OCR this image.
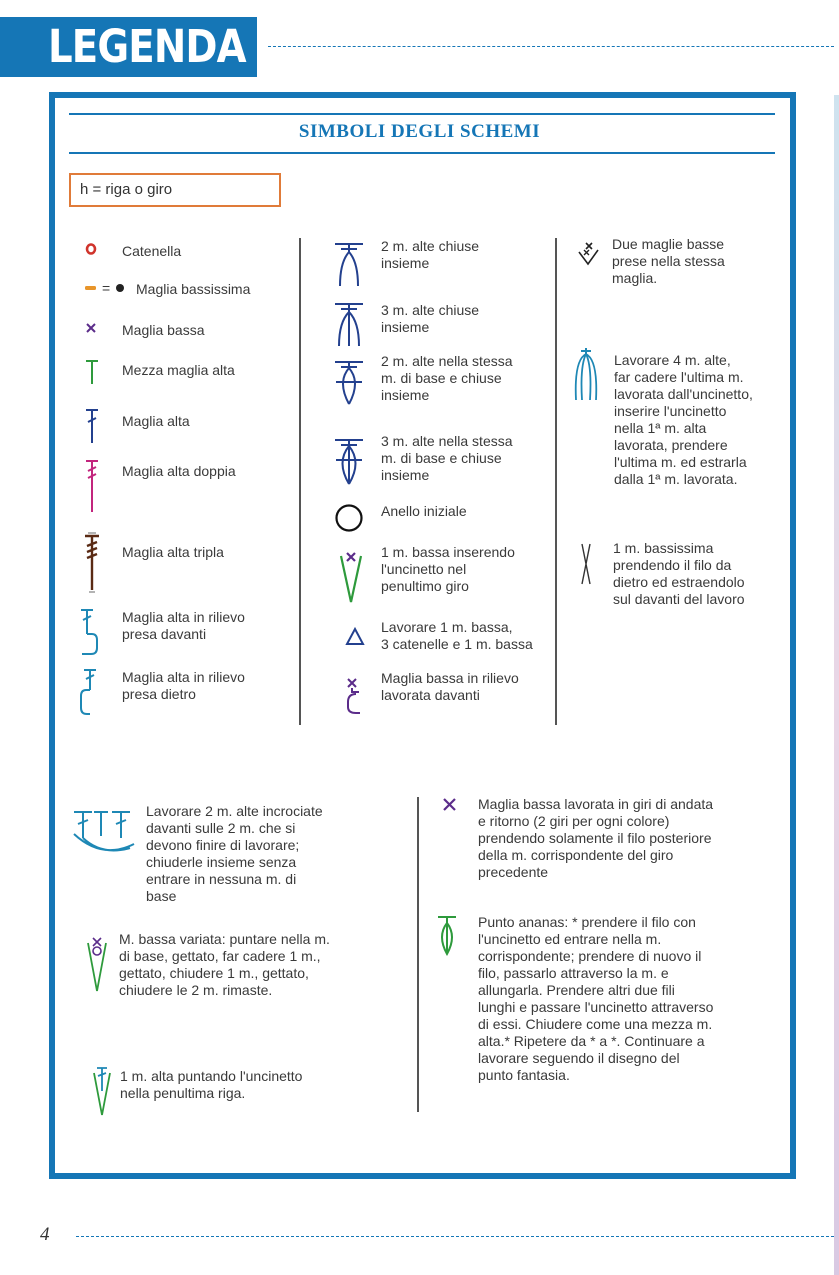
LEGENDA
SIMBOLI DEGLI SCHEMI
h = riga o giro
Catenella
= Maglia bassissima
Maglia bassa
Mezza maglia alta
Maglia alta
Maglia alta doppia
Maglia alta tripla
Maglia alta in rilievo
presa davanti
Maglia alta in rilievo
presa dietro
2 m. alte chiuse
insieme
3 m. alte chiuse
insieme
2 m. alte nella stessa
m. di base e chiuse
insieme
3 m. alte nella stessa
m. di base e chiuse
insieme
Anello iniziale
1 m. bassa inserendo
l'uncinetto nel
penultimo giro
Lavorare 1 m. bassa,
3 catenelle e 1 m. bassa
Maglia bassa in rilievo
lavorata davanti
Due maglie basse
prese nella stessa
maglia.
Lavorare 4 m. alte,
far cadere l'ultima m.
lavorata dall'uncinetto,
inserire l'uncinetto
nella 1ª m. alta
lavorata, prendere
l'ultima m. ed estrarla
dalla 1ª m. lavorata.
1 m. bassissima
prendendo il filo da
dietro ed estraendolo
sul davanti del lavoro
Lavorare 2 m. alte incrociate
davanti sulle 2 m. che si
devono finire di lavorare;
chiuderle insieme senza
entrare in nessuna m. di
base
M. bassa variata: puntare nella m.
di base, gettato, far cadere 1 m.,
gettato, chiudere 1 m., gettato,
chiudere le 2 m. rimaste.
1 m. alta puntando l'uncinetto
nella penultima riga.
Maglia bassa lavorata in giri di andata
e ritorno (2 giri per ogni colore)
prendendo solamente il filo posteriore
della m. corrispondente del giro
precedente
Punto ananas: * prendere il filo con
l'uncinetto ed entrare nella m.
corrispondente; prendere di nuovo il
filo, passarlo attraverso la m. e
allungarla. Prendere altri due fili
lunghi e passare l'uncinetto attraverso
di essi. Chiudere come una mezza m.
alta.* Ripetere da * a *. Continuare a
lavorare seguendo il disegno del
punto fantasia.
4
